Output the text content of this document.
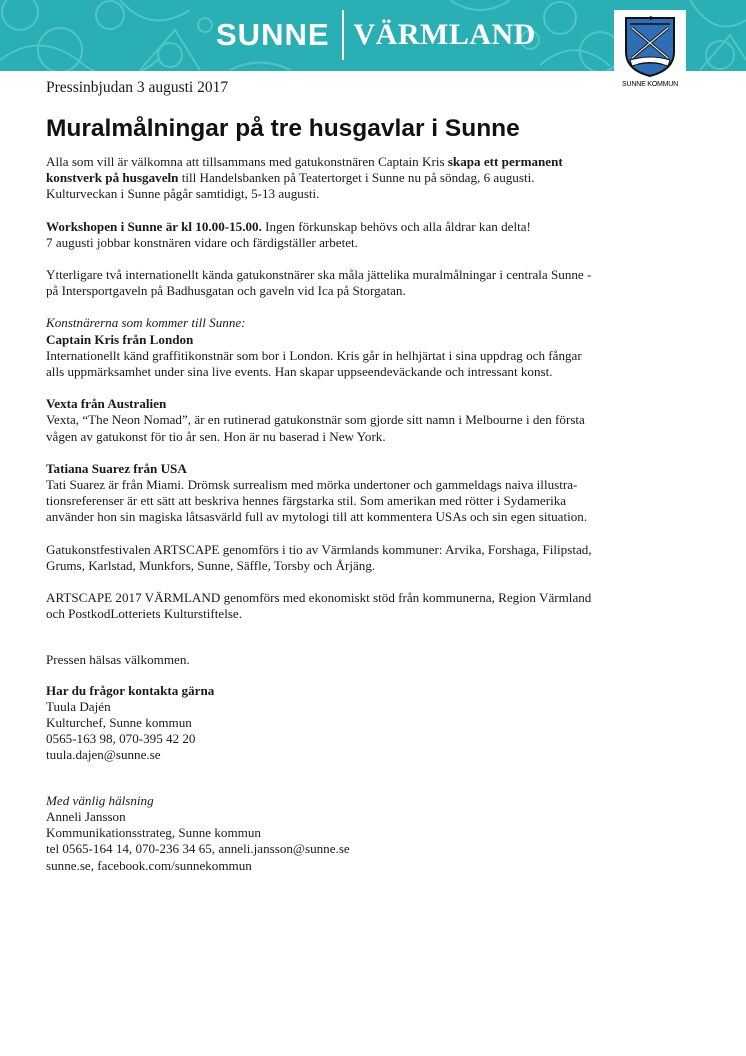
SUNNE VÄRMLAND
SUNNE KOMMUN

Pressinbjudan 3 augusti 2017

Muralmålningar på tre husgavlar i Sunne

Alla som vill är välkomna att tillsammans med gatukonstnären Captain Kris skapa ett permanent
konstverk på husgaveln till Handelsbanken på Teatertorget i Sunne nu på söndag, 6 augusti.
Kulturveckan i Sunne pågår samtidigt, 5-13 augusti.

Workshopen i Sunne är kl 10.00-15.00. Ingen förkunskap behövs och alla åldrar kan delta!
7 augusti jobbar konstnären vidare och färdigställer arbetet.

Ytterligare två internationellt kända gatukonstnärer ska måla jättelika muralmålningar i centrala Sunne -
på Intersportgaveln på Badhusgatan och gaveln vid Ica på Storgatan.

Konstnärerna som kommer till Sunne:

Captain Kris från London

Internationellt känd graffitikonstnär som bor i London. Kris går in helhjärtat i sina uppdrag och fångar
alls uppmärksamhet under sina live events. Han skapar uppseendeväckande och intressant konst.

Vexta från Australien

Vexta, “The Neon Nomad”, är en rutinerad gatukonstnär som gjorde sitt namn i Melbourne i den första
vågen av gatukonst för tio år sen. Hon är nu baserad i New York.

Tatiana Suarez från USA

Tati Suarez är från Miami. Drömsk surrealism med mörka undertoner och gammeldags naiva illustra-
tionsreferenser är ett sätt att beskriva hennes färgstarka stil. Som amerikan med rötter i Sydamerika
använder hon sin magiska låtsasvärld full av mytologi till att kommentera USAs och sin egen situation.

Gatukonstfestivalen ARTSCAPE genomförs i tio av Värmlands kommuner: Arvika, Forshaga, Filipstad,
Grums, Karlstad, Munkfors, Sunne, Säffle, Torsby och Årjäng.

ARTSCAPE 2017 VÄRMLAND genomförs med ekonomiskt stöd från kommunerna, Region Värmland
och PostkodLotteriets Kulturstiftelse.

Pressen hälsas välkommen.

Har du frågor kontakta gärna

Tuula Dajén
Kulturchef, Sunne kommun
0565-163 98, 070-395 42 20
tuula.dajen@sunne.se

Med vänlig hälsning

Anneli Jansson
Kommunikationsstrateg, Sunne kommun
tel 0565-164 14, 070-236 34 65, anneli.jansson@sunne.se
sunne.se, facebook.com/sunnekommun
